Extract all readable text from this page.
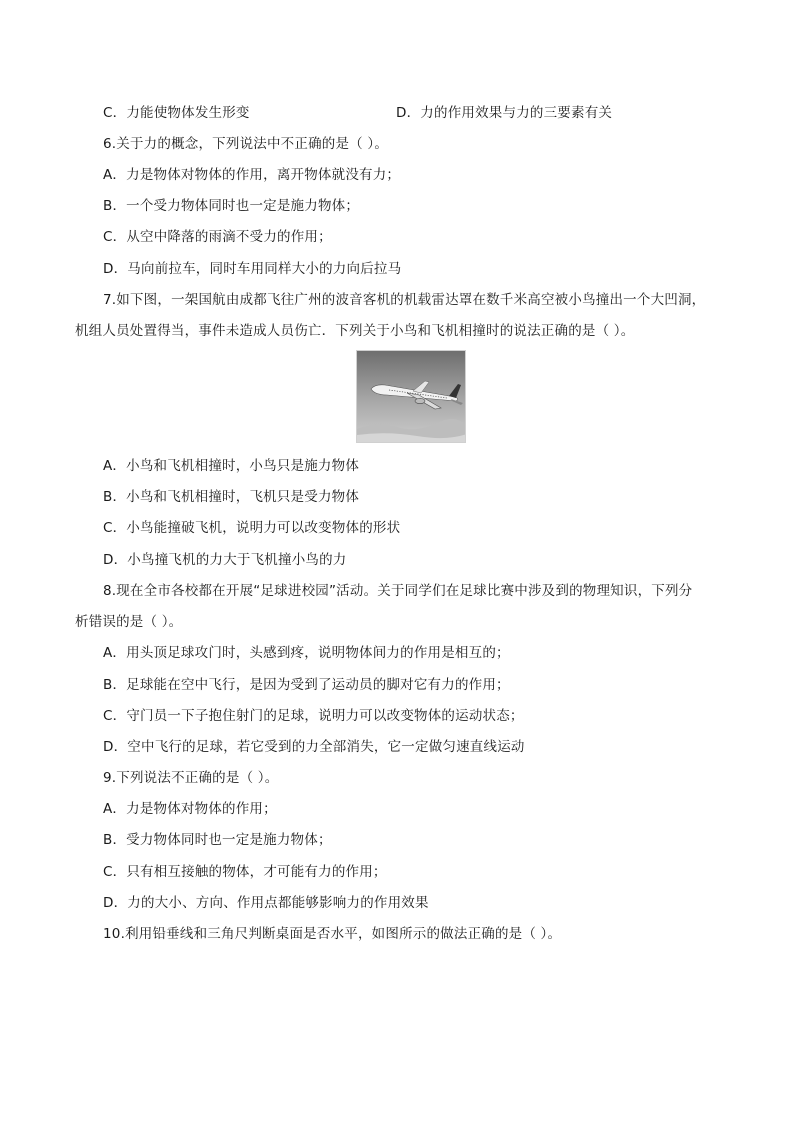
C．力能使物体发生形变	D．力的作用效果与力的三要素有关
6.关于力的概念，下列说法中不正确的是（ ）。
A．力是物体对物体的作用，离开物体就没有力；
B．一个受力物体同时也一定是施力物体；
C．从空中降落的雨滴不受力的作用；
D．马向前拉车，同时车用同样大小的力向后拉马
7.如下图，一架国航由成都飞往广州的波音客机的机载雷达罩在数千米高空被小鸟撞出一个大凹洞，
机组人员处置得当，事件未造成人员伤亡．下列关于小鸟和飞机相撞时的说法正确的是（ ）。
A．小鸟和飞机相撞时，小鸟只是施力物体
B．小鸟和飞机相撞时，飞机只是受力物体
C．小鸟能撞破飞机，说明力可以改变物体的形状
D．小鸟撞飞机的力大于飞机撞小鸟的力
8.现在全市各校都在开展“足球进校园”活动。关于同学们在足球比赛中涉及到的物理知识，下列分
析错误的是（ ）。
A．用头顶足球攻门时，头感到疼，说明物体间力的作用是相互的；
B．足球能在空中飞行，是因为受到了运动员的脚对它有力的作用；
C．守门员一下子抱住射门的足球，说明力可以改变物体的运动状态；
D．空中飞行的足球，若它受到的力全部消失，它一定做匀速直线运动
9.下列说法不正确的是（ ）。
A．力是物体对物体的作用；
B．受力物体同时也一定是施力物体；
C．只有相互接触的物体，才可能有力的作用；
D．力的大小、方向、作用点都能够影响力的作用效果
10.利用铅垂线和三角尺判断桌面是否水平，如图所示的做法正确的是（ ）。
